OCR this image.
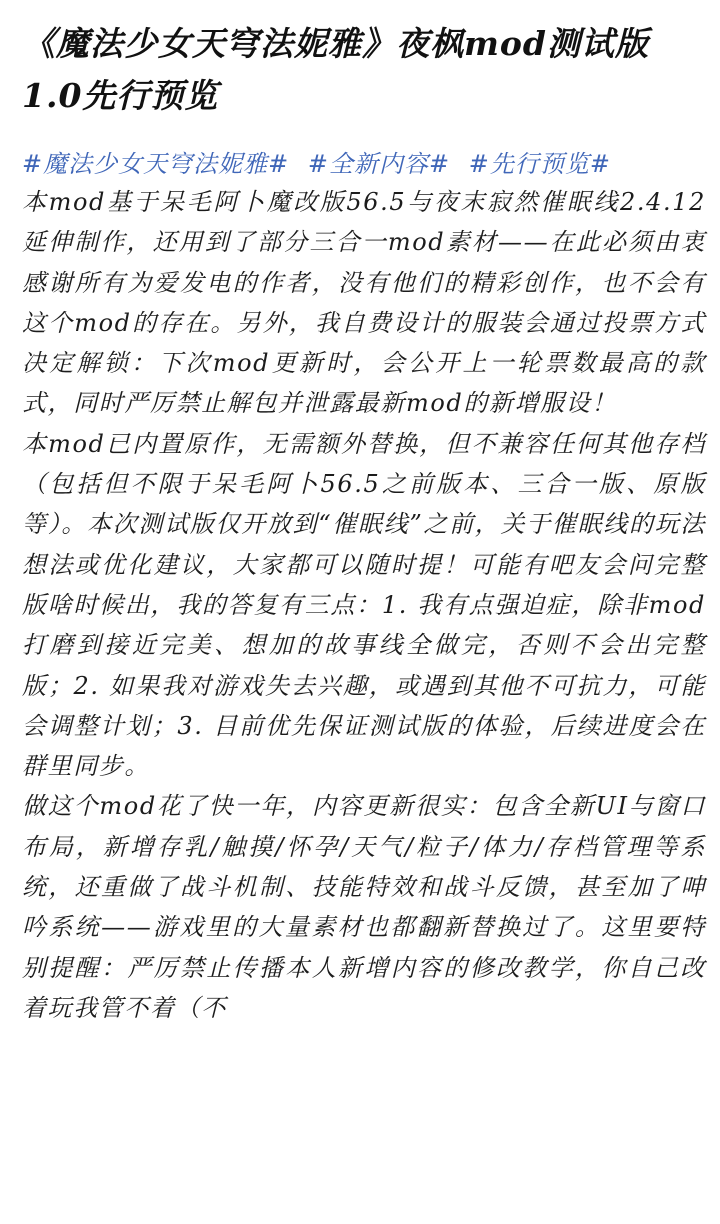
《魔法少女天穹法妮雅》夜枫mod测试版1.0先行预览
#魔法少女天穹法妮雅# #全新内容# #先行预览#

本mod基于呆毛阿卜魔改版56.5与夜末寂然催眠线2.4.12延伸制作，还用到了部分三合一mod素材——在此必须由衷感谢所有为爱发电的作者，没有他们的精彩创作，也不会有这个mod的存在。另外，我自费设计的服装会通过投票方式决定解锁：下次mod更新时，会公开上一轮票数最高的款式，同时严厉禁止解包并泄露最新mod的新增服设！

本mod已内置原作，无需额外替换，但不兼容任何其他存档（包括但不限于呆毛阿卜56.5之前版本、三合一版、原版等）。本次测试版仅开放到“催眠线”之前，关于催眠线的玩法想法或优化建议，大家都可以随时提！可能有吧友会问完整版啥时候出，我的答复有三点：1. 我有点强迫症，除非mod打磨到接近完美、想加的故事线全做完，否则不会出完整版；2. 如果我对游戏失去兴趣，或遇到其他不可抗力，可能会调整计划；3. 目前优先保证测试版的体验，后续进度会在群里同步。

做这个mod花了快一年，内容更新很实：包含全新UI与窗口布局，新增存乳/触摸/怀孕/天气/粒子/体力/存档管理等系统，还重做了战斗机制、技能特效和战斗反馈，甚至加了呻吟系统——游戏里的大量素材也都翻新替换过了。这里要特别提醒：严厉禁止传播本人新增内容的修改教学，你自己改着玩我管不着（不
